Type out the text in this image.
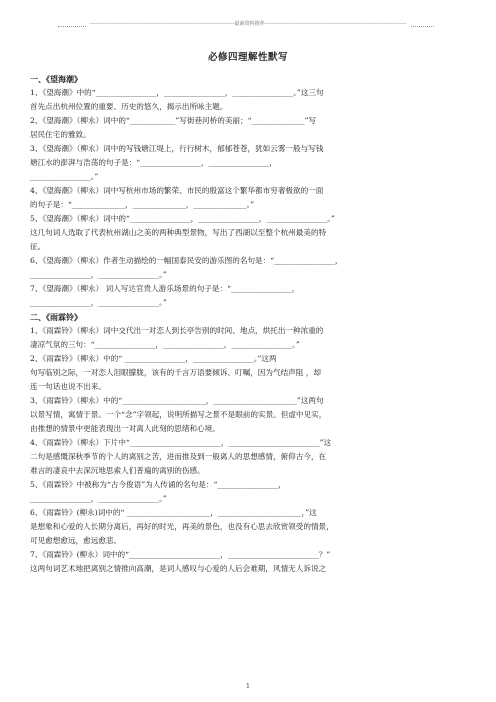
--------------------------------------------------------------------------------------最新资料推荐------------------------------------------------------------------------------------
必修四理解性默写
一、《望海潮》
1、《望海潮》中的“________________，________________，________________。”这三句
首先点出杭州位置的重要、历史的悠久，揭示出所咏主题。
2、《望海潮》（柳永）词中的“____________”写街巷河桥的美丽；“______________”写
居民住宅的雅致。
3、《望海潮》（柳永）词中的写钱塘江堤上，行行树木，郁郁苍苍，犹如云雾一般与写钱
塘江水的澎湃与浩荡的句子是：“________________，________________，
________________。”
4、《望海潮》（柳永）词中写杭州市场的繁荣、市民的殷富这个繁华都市穷奢极欲的一面
的句子是：“______________，______________，______________。”
5、《望海潮》（柳永）词中的“________________，________________，________________。”
这几句词人选取了代表杭州湖山之美的两种典型景物，写出了西湖以至整个杭州最美的特
征。
6、《望海潮》（柳永）作者生动描绘的一幅国泰民安的游乐图的名句是：“________________，
________________，________________。”
7、《望海潮》（柳永） 词人写达官贵人游乐场景的句子是：“________________，
________________，________________。”
二、《雨霖铃》
1、《雨霖铃》（柳永）词中交代出一对恋人到长亭告别的时间、地点，烘托出一种浓重的
凄凉气氛的三句：“________________，________________，________________。”
2、《雨霖铃》（柳永）中的“ ________________，________________。”这两
句写临别之际，一对恋人泪眼朦胧，该有的千言万语要倾诉、叮嘱，因为气结声阻 ，却
连一句话也说不出来。
3、《雨霖铃》（柳永）中的“______________________，______________________”这两句
以景写情，寓情于景。一个“念”字领起，说明所描写之景不是眼前的实景。但虚中见实，
由推想的情景中更能表现出一对离人此刻的思绪和心境。
4、《雨霖铃》（柳永）下片中“________________________，________________________”这
二句是感慨深秋季节的个人的离别之苦，进而推及到一般离人的思想感情，俯仰古今，在
难言的凄哀中去深沉地思索人们普遍的离别的伤感。
5、《雨霖铃》中被称为“古今俊语”为人传诵的名句是：“________________，
________________，________________。”
6、《雨霖铃》(柳永)词中的“ ______________________，______________________，”这
是想象和心爱的人长期分离后，再好的时光，再美的景色，也没有心思去欣赏领受的情景，
可见愈想愈远，愈远愈悲。
7、《雨霖铃》(柳永）词中的“________________________，________________________？”
这两句词艺术地把离别之情推向高潮，是词人感叹与心爱的人后会难期，风情无人诉说之
1
